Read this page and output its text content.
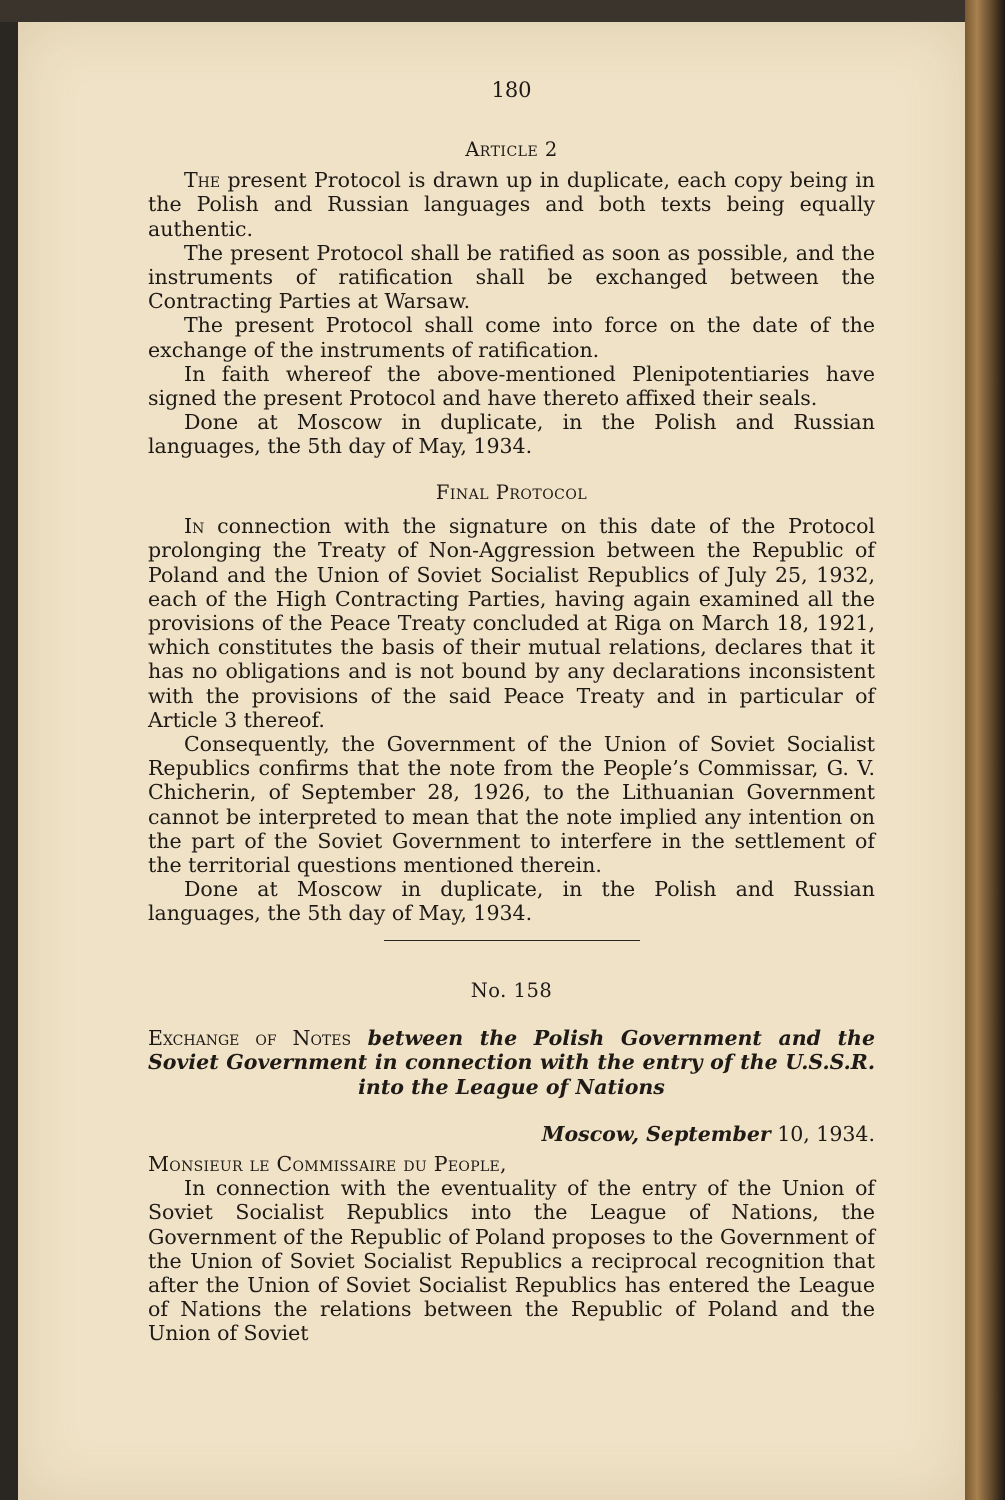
180
Article 2

The present Protocol is drawn up in duplicate, each copy being in the Polish and Russian languages and both texts being equally authentic.

The present Protocol shall be ratified as soon as possible, and the instruments of ratification shall be exchanged between the Contracting Parties at Warsaw.

The present Protocol shall come into force on the date of the exchange of the instruments of ratification.

In faith whereof the above-mentioned Plenipotentiaries have signed the present Protocol and have thereto affixed their seals.

Done at Moscow in duplicate, in the Polish and Russian languages, the 5th day of May, 1934.

Final Protocol

In connection with the signature on this date of the Protocol prolonging the Treaty of Non-Aggression between the Republic of Poland and the Union of Soviet Socialist Republics of July 25, 1932, each of the High Contracting Parties, having again examined all the provisions of the Peace Treaty concluded at Riga on March 18, 1921, which constitutes the basis of their mutual relations, declares that it has no obligations and is not bound by any declarations inconsistent with the provisions of the said Peace Treaty and in particular of Article 3 thereof.

Consequently, the Government of the Union of Soviet Socialist Republics confirms that the note from the People’s Commissar, G. V. Chicherin, of September 28, 1926, to the Lithuanian Government cannot be interpreted to mean that the note implied any intention on the part of the Soviet Government to interfere in the settlement of the territorial questions mentioned therein.

Done at Moscow in duplicate, in the Polish and Russian languages, the 5th day of May, 1934.

No. 158
Exchange of Notes between the Polish Government and the Soviet Government in connection with the entry of the U.S.S.R. into the League of Nations
Moscow, September 10, 1934.
Monsieur le Commissaire du People,

In connection with the eventuality of the entry of the Union of Soviet Socialist Republics into the League of Nations, the Government of the Republic of Poland proposes to the Government of the Union of Soviet Socialist Republics a reciprocal recognition that after the Union of Soviet Socialist Republics has entered the League of Nations the relations between the Republic of Poland and the Union of Soviet
